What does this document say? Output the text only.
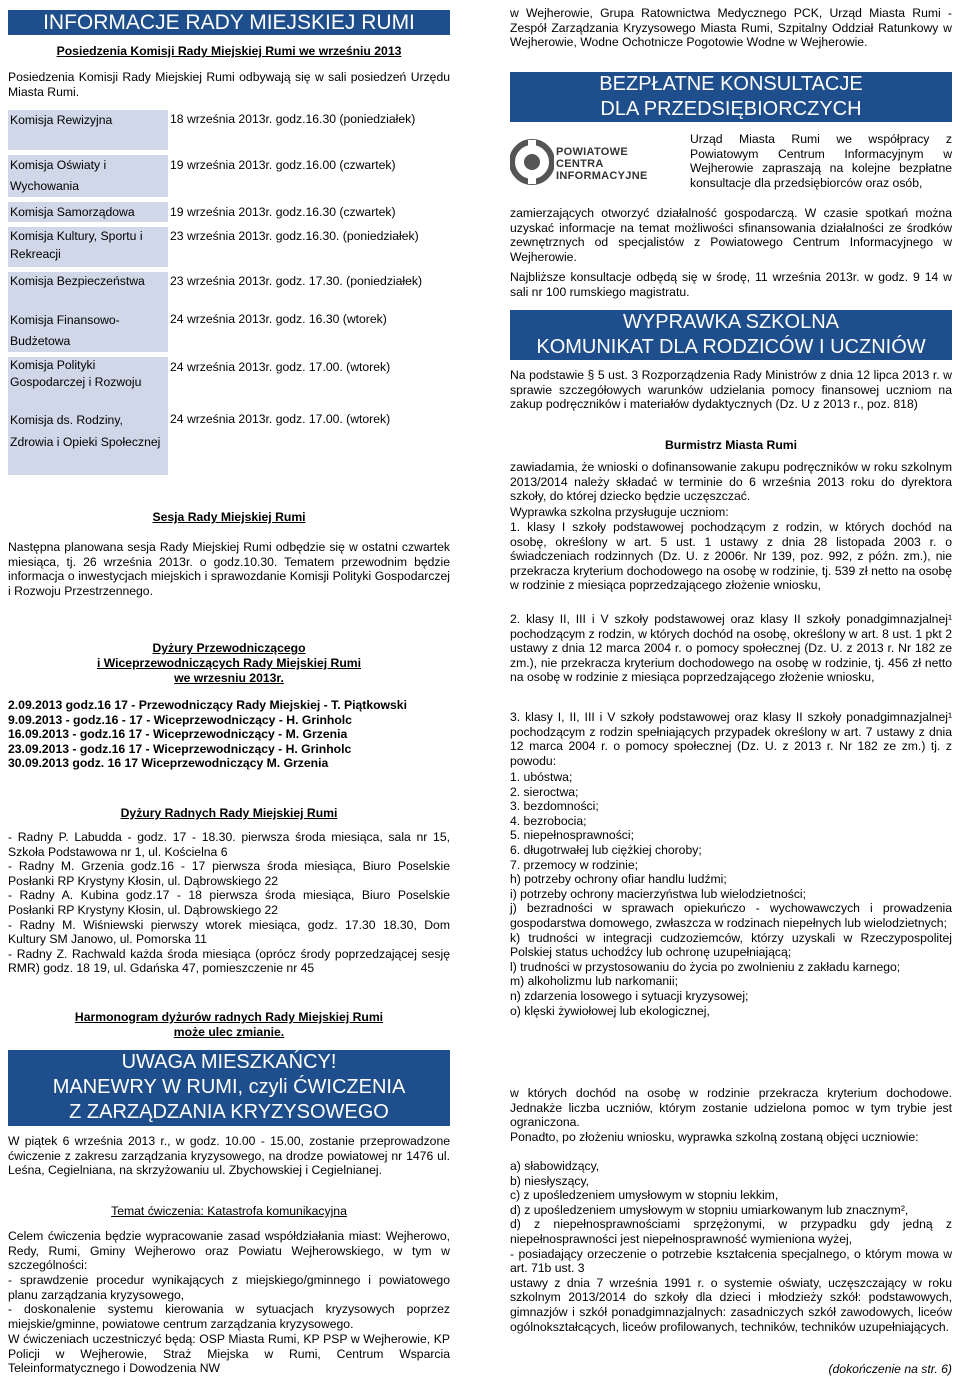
INFORMACJE RADY MIEJSKIEJ RUMI
Posiedzenia Komisji Rady Miejskiej Rumi we wrześniu 2013
Posiedzenia Komisji Rady Miejskiej Rumi odbywają się w sali posiedzeń Urzędu Miasta Rumi.
Komisja Rewizyjna	18 września 2013r. godz.16.30 (poniedziałek)

Komisja Oświaty i Wychowania	19 września 2013r. godz.16.00 (czwartek)

Komisja Samorządowa	19 września 2013r. godz.16.30 (czwartek)

Komisja Kultury, Sportu i Rekreacji	23 września 2013r. godz.16.30. (poniedziałek)

Komisja Bezpieczeństwa	23 września 2013r. godz. 17.30. (poniedziałek)
Komisja Finansowo-Budżetowa	24 września 2013r. godz. 16.30 (wtorek)

Komisja Polityki Gospodarczej i Rozwoju	24 września 2013r. godz. 17.00. (wtorek)
Komisja ds. Rodziny, Zdrowia i Opieki Społecznej	24 września 2013r. godz. 17.00. (wtorek)
Sesja Rady Miejskiej Rumi
Następna planowana sesja Rady Miejskiej Rumi odbędzie się w ostatni czwartek miesiąca, tj. 26 września 2013r. o godz.10.30. Tematem przewodnim będzie informacja o inwestycjach miejskich i sprawozdanie Komisji Polityki Gospodarczej i Rozwoju Przestrzennego.
Dyżury Przewodniczącego
i Wiceprzewodniczących Rady Miejskiej Rumi
we wrzesniu 2013r.
2.09.2013 godz.16 17 - Przewodniczący Rady Miejskiej - T. Piątkowski
9.09.2013 - godz.16 - 17 - Wiceprzewodniczący - H. Grinholc
16.09.2013 - godz.16 17 - Wiceprzewodniczący - M. Grzenia
23.09.2013 - godz.16 17 - Wiceprzewodniczący - H. Grinholc
30.09.2013 godz. 16 17 Wiceprzewodniczący M. Grzenia
Dyżury Radnych Rady Miejskiej Rumi
- Radny P. Labudda - godz. 17 - 18.30. pierwsza środa miesiąca, sala nr 15, Szkoła Podstawowa nr 1, ul. Kościelna 6
- Radny M. Grzenia godz.16 - 17 pierwsza środa miesiąca, Biuro Poselskie Posłanki RP Krystyny Kłosin, ul. Dąbrowskiego 22
- Radny A. Kubina godz.17 - 18 pierwsza środa miesiąca, Biuro Poselskie Posłanki RP Krystyny Kłosin, ul. Dąbrowskiego 22
- Radny M. Wiśniewski pierwszy wtorek miesiąca, godz. 17.30 18.30, Dom Kultury SM Janowo, ul. Pomorska 11
- Radny Z. Rachwald każda środa miesiąca (oprócz środy poprzedzającej sesję RMR) godz. 18 19, ul. Gdańska 47, pomieszczenie nr 45
Harmonogram dyżurów radnych Rady Miejskiej Rumi
może ulec zmianie.
UWAGA MIESZKAŃCY!
MANEWRY W RUMI, czyli ĆWICZENIA
Z ZARZĄDZANIA KRYZYSOWEGO
W piątek 6 września 2013 r., w godz. 10.00 - 15.00, zostanie przeprowadzone ćwiczenie z zakresu zarządzania kryzysowego, na drodze powiatowej nr 1476 ul. Leśna, Cegielniana, na skrzyżowaniu ul. Zbychowskiej i Cegielnianej.
Temat ćwiczenia: Katastrofa komunikacyjna
Celem ćwiczenia będzie wypracowanie zasad współdziałania miast: Wejherowo, Redy, Rumi, Gminy Wejherowo oraz Powiatu Wejherowskiego, w tym w szczególności:
- sprawdzenie procedur wynikających z miejskiego/gminnego i powiatowego planu zarządzania kryzysowego,
- doskonalenie systemu kierowania w sytuacjach kryzysowych poprzez miejskie/gminne, powiatowe centrum zarządzania kryzysowego.
W ćwiczeniach uczestniczyć będą: OSP Miasta Rumi, KP PSP w Wejherowie, KP Policji w Wejherowie, Straż Miejska w Rumi, Centrum Wsparcia Teleinformatycznego i Dowodzenia NW
w Wejherowie, Grupa Ratownictwa Medycznego PCK, Urząd Miasta Rumi - Zespół Zarządzania Kryzysowego Miasta Rumi, Szpitalny Oddział Ratunkowy w Wejherowie, Wodne Ochotnicze Pogotowie Wodne w Wejherowie.
BEZPŁATNE KONSULTACJE
DLA PRZEDSIĘBIORCZYCH
POWIATOWE
CENTRA
INFORMACYJNE
Urząd Miasta Rumi we współpracy z Powiatowym Centrum Informacyjnym w Wejherowie zapraszają na kolejne bezpłatne konsultacje dla przedsiębiorców oraz osób,
zamierzających otworzyć działalność gospodarczą. W czasie spotkań można uzyskać informacje na temat możliwości sfinansowania działalności ze środków zewnętrznych od specjalistów z Powiatowego Centrum Informacyjnego w Wejherowie.
Najbliższe konsultacje odbędą się w środę, 11 września 2013r. w godz. 9 14 w sali nr 100 rumskiego magistratu.
WYPRAWKA SZKOLNA
KOMUNIKAT DLA RODZICÓW I UCZNIÓW
Na podstawie § 5 ust. 3 Rozporządzenia Rady Ministrów z dnia 12 lipca 2013 r. w sprawie szczegółowych warunków udzielania pomocy finansowej uczniom na zakup podręczników i materiałów dydaktycznych (Dz. U z 2013 r., poz. 818)
Burmistrz Miasta Rumi
zawiadamia, że wnioski o dofinansowanie zakupu podręczników w roku szkolnym 2013/2014 należy składać w terminie do 6 września 2013 roku do dyrektora szkoły, do której dziecko będzie uczęszczać.
Wyprawka szkolna przysługuje uczniom:
1. klasy I szkoły podstawowej pochodzącym z rodzin, w których dochód na osobę, określony w art. 5 ust. 1 ustawy z dnia 28 listopada 2003 r. o świadczeniach rodzinnych (Dz. U. z 2006r. Nr 139, poz. 992, z późn. zm.), nie przekracza kryterium dochodowego na osobę w rodzinie, tj. 539 zł netto na osobę w rodzinie z miesiąca poprzedzającego złożenie wniosku,
2. klasy II, III i V szkoły podstawowej oraz klasy II szkoły ponadgimnazjalnej¹ pochodzącym z rodzin, w których dochód na osobę, określony w art. 8 ust. 1 pkt 2 ustawy z dnia 12 marca 2004 r. o pomocy społecznej (Dz. U. z 2013 r. Nr 182 ze zm.), nie przekracza kryterium dochodowego na osobę w rodzinie, tj. 456 zł netto na osobę w rodzinie z miesiąca poprzedzającego złożenie wniosku,
3. klasy I, II, III i V szkoły podstawowej oraz klasy II szkoły ponadgimnazjalnej¹ pochodzącym z rodzin spełniających przypadek określony w art. 7 ustawy z dnia 12 marca 2004 r. o pomocy społecznej (Dz. U. z 2013 r. Nr 182 ze zm.) tj. z powodu:
1. ubóstwa;
2. sieroctwa;
3. bezdomności;
4. bezrobocia;
5. niepełnosprawności;
6. długotrwałej lub ciężkiej choroby;
7. przemocy w rodzinie;
h) potrzeby ochrony ofiar handlu ludźmi;
i) potrzeby ochrony macierzyństwa lub wielodzietności;
j) bezradności w sprawach opiekuńczo - wychowawczych i prowadzenia gospodarstwa domowego, zwłaszcza w rodzinach niepełnych lub wielodzietnych;
k) trudności w integracji cudzoziemców, którzy uzyskali w Rzeczypospolitej Polskiej status uchodźcy lub ochronę uzupełniającą;
l) trudności w przystosowaniu do życia po zwolnieniu z zakładu karnego;
m) alkoholizmu lub narkomanii;
n) zdarzenia losowego i sytuacji kryzysowej;
o) klęski żywiołowej lub ekologicznej,
w których dochód na osobę w rodzinie przekracza kryterium dochodowe. Jednakże liczba uczniów, którym zostanie udzielona pomoc w tym trybie jest ograniczona.
Ponadto, po złożeniu wniosku, wyprawka szkolną zostaną objęci uczniowie:
a) słabowidzący,
b) niesłyszący,
c) z upośledzeniem umysłowym w stopniu lekkim,
d) z upośledzeniem umysłowym w stopniu umiarkowanym lub znacznym²,
d) z niepełnosprawnościami sprzężonymi, w przypadku gdy jedną z niepełnosprawności jest niepełnosprawność wymieniona wyżej,
- posiadający orzeczenie o potrzebie kształcenia specjalnego, o którym mowa w art. 71b ust. 3
ustawy z dnia 7 września 1991 r. o systemie oświaty, uczęszczający w roku szkolnym 2013/2014 do szkoły dla dzieci i młodzieży szkół: podstawowych, gimnazjów i szkół ponadgimnazjalnych: zasadniczych szkół zawodowych, liceów ogólnokształcących, liceów profilowanych, techników, techników uzupełniających.
(dokończenie na str. 6)
